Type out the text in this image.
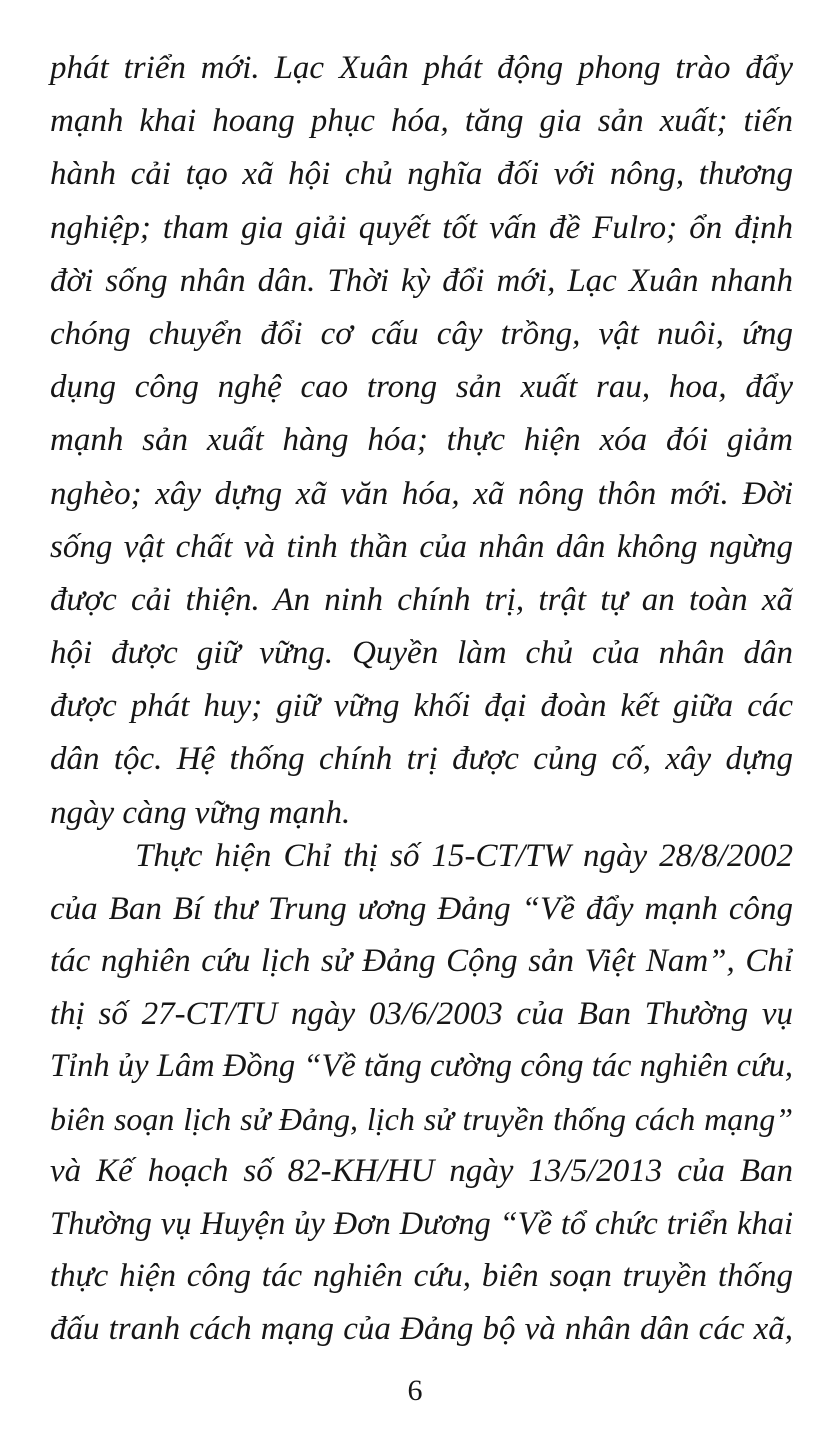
phát triển mới. Lạc Xuân phát động phong trào đẩy
mạnh khai hoang phục hóa, tăng gia sản xuất; tiến
hành cải tạo xã hội chủ nghĩa đối với nông, thương
nghiệp; tham gia giải quyết tốt vấn đề Fulro; ổn định
đời sống nhân dân. Thời kỳ đổi mới, Lạc Xuân nhanh
chóng chuyển đổi cơ cấu cây trồng, vật nuôi, ứng
dụng công nghệ cao trong sản xuất rau, hoa, đẩy
mạnh sản xuất hàng hóa; thực hiện xóa đói giảm
nghèo; xây dựng xã văn hóa, xã nông thôn mới. Đời
sống vật chất và tinh thần của nhân dân không ngừng
được cải thiện. An ninh chính trị, trật tự an toàn xã
hội được giữ vững. Quyền làm chủ của nhân dân
được phát huy; giữ vững khối đại đoàn kết giữa các
dân tộc. Hệ thống chính trị được củng cố, xây dựng
ngày càng vững mạnh.
Thực hiện Chỉ thị số 15-CT/TW ngày 28/8/2002
của Ban Bí thư Trung ương Đảng “Về đẩy mạnh công
tác nghiên cứu lịch sử Đảng Cộng sản Việt Nam”, Chỉ
thị số 27-CT/TU ngày 03/6/2003 của Ban Thường vụ
Tỉnh ủy Lâm Đồng “Về tăng cường công tác nghiên cứu,
biên soạn lịch sử Đảng, lịch sử truyền thống cách mạng”
và Kế hoạch số 82-KH/HU ngày 13/5/2013 của Ban
Thường vụ Huyện ủy Đơn Dương “Về tổ chức triển khai
thực hiện công tác nghiên cứu, biên soạn truyền thống
đấu tranh cách mạng của Đảng bộ và nhân dân các xã,
6
